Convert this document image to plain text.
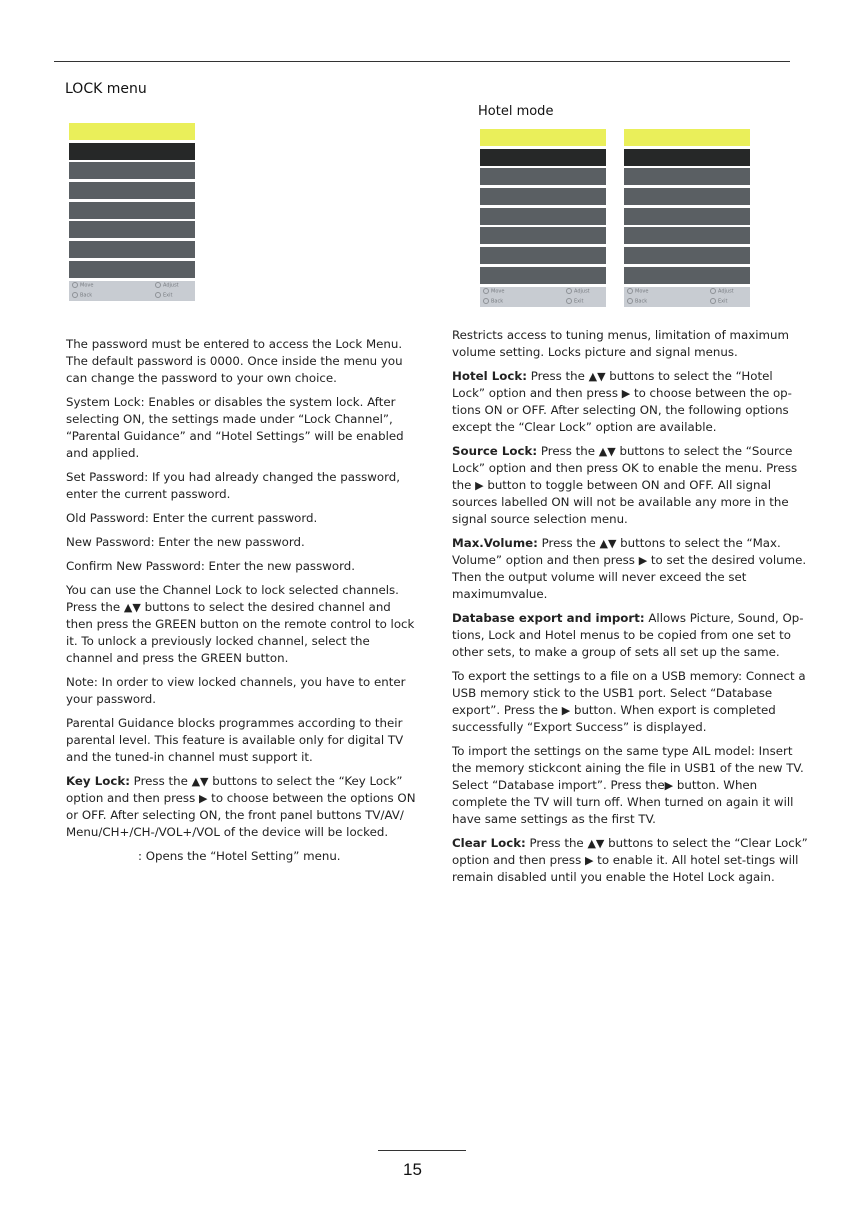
LOCK menu
Hotel mode
Move	Adjust
Back	Exit
Move	Adjust
Back	Exit
Move	Adjust
Back	Exit

The password must be entered to access the Lock Menu. The default password is 0000. Once inside the menu you can change the password to your own choice.

System Lock: Enables or disables the system lock. After selecting ON, the settings made under “Lock Channel”, “Parental Guidance” and “Hotel Settings” will be enabled and applied.

Set Password: If you had already changed the password, enter the current password.

Old Password: Enter the current password.

New Password: Enter the new password.

Confirm New Password: Enter the new password.

You can use the Channel Lock to lock selected channels. Press the ▲▼ buttons to select the desired channel and then press the GREEN button on the remote control to lock it. To unlock a previously locked channel, select the channel and press the GREEN button.

Note: In order to view locked channels, you have to enter your password.

Parental Guidance blocks programmes according to their parental level. This feature is available only for digital TV and the tuned-in channel must support it.

Key Lock: Press the ▲▼ buttons to select the “Key Lock” option and then press ▶ to choose between the options ON or OFF. After selecting ON, the front panel buttons TV/AV/ Menu/CH+/CH-/VOL+/VOL of the device will be locked.

: Opens the “Hotel Setting” menu.

Restricts access to tuning menus, limitation of maximum volume setting. Locks picture and signal menus.

Hotel Lock: Press the ▲▼ buttons to select the “Hotel Lock” option and then press ▶ to choose between the op-tions ON or OFF. After selecting ON, the following options except the “Clear Lock” option are available.

Source Lock: Press the ▲▼ buttons to select the “Source Lock” option and then press OK to enable the menu. Press the ▶ button to toggle between ON and OFF. All signal sources labelled ON will not be available any more in the signal source selection menu.

Max.Volume: Press the ▲▼ buttons to select the “Max. Volume” option and then press ▶ to set the desired volume. Then the output volume will never exceed the set maximumvalue.

Database export and import: Allows Picture, Sound, Op-tions, Lock and Hotel menus to be copied from one set to other sets, to make a group of sets all set up the same.

To export the settings to a file on a USB memory: Connect a USB memory stick to the USB1 port. Select “Database export”. Press the ▶ button. When export is completed successfully “Export Success” is displayed.

To import the settings on the same type AIL model: Insert the memory stickcont aining the file in USB1 of the new TV. Select “Database import”. Press the▶ button. When complete the TV will turn off. When turned on again it will have same settings as the first TV.

Clear Lock: Press the ▲▼ buttons to select the “Clear Lock” option and then press ▶ to enable it. All hotel set-tings will remain disabled until you enable the Hotel Lock again.

15
